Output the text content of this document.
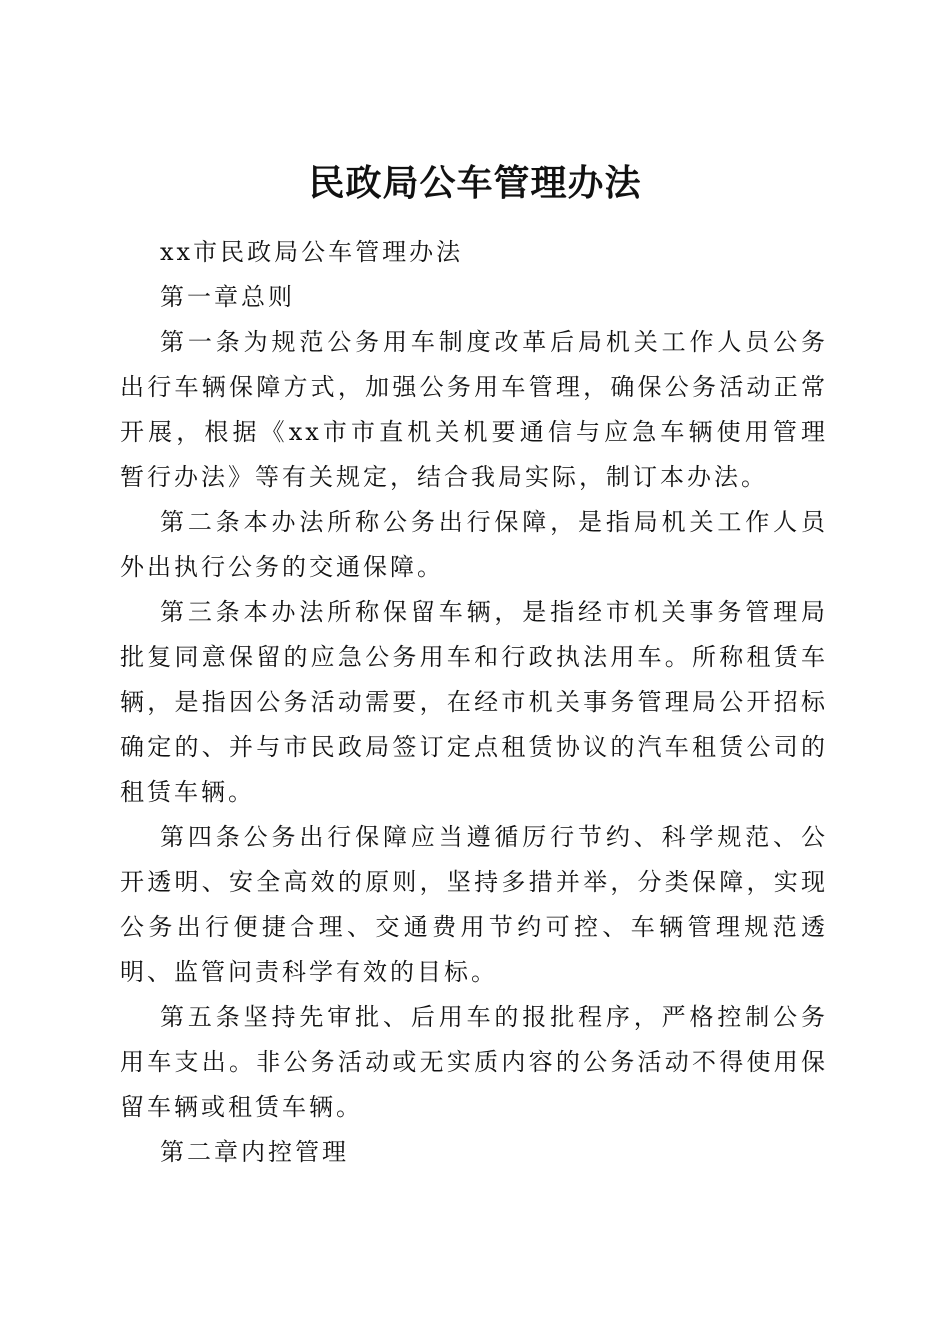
民政局公车管理办法

xx市民政局公车管理办法

第一章总则

第一条为规范公务用车制度改革后局机关工作人员公务出行车辆保障方式，加强公务用车管理，确保公务活动正常开展，根据《xx市市直机关机要通信与应急车辆使用管理暂行办法》等有关规定，结合我局实际，制订本办法。

第二条本办法所称公务出行保障，是指局机关工作人员外出执行公务的交通保障。

第三条本办法所称保留车辆，是指经市机关事务管理局批复同意保留的应急公务用车和行政执法用车。所称租赁车辆，是指因公务活动需要，在经市机关事务管理局公开招标确定的、并与市民政局签订定点租赁协议的汽车租赁公司的租赁车辆。

第四条公务出行保障应当遵循厉行节约、科学规范、公开透明、安全高效的原则，坚持多措并举，分类保障，实现公务出行便捷合理、交通费用节约可控、车辆管理规范透明、监管问责科学有效的目标。

第五条坚持先审批、后用车的报批程序，严格控制公务用车支出。非公务活动或无实质内容的公务活动不得使用保留车辆或租赁车辆。

第二章内控管理
